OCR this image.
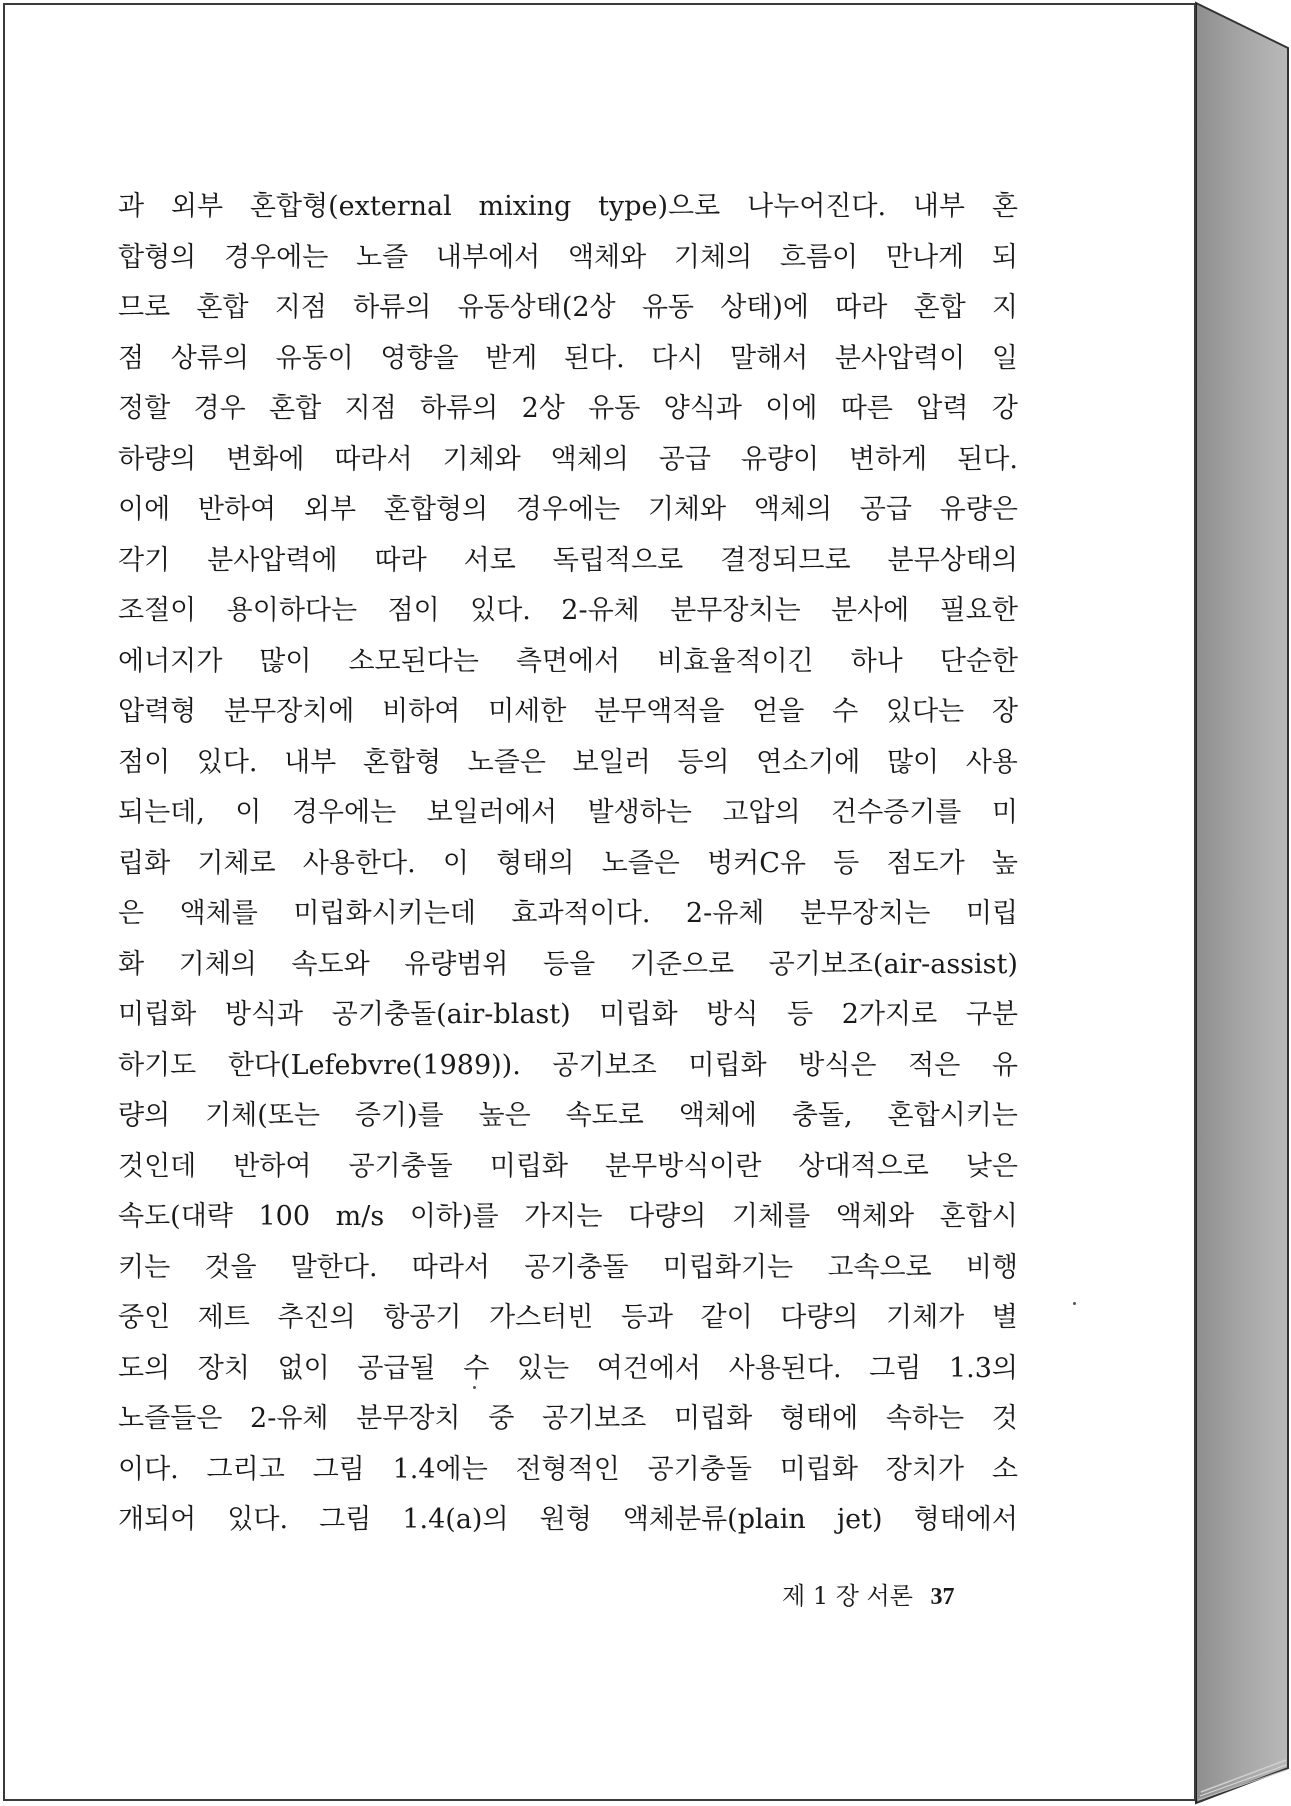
과 외부 혼합형(external mixing type)으로 나누어진다. 내부 혼
합형의 경우에는 노즐 내부에서 액체와 기체의 흐름이 만나게 되
므로 혼합 지점 하류의 유동상태(2상 유동 상태)에 따라 혼합 지
점 상류의 유동이 영향을 받게 된다. 다시 말해서 분사압력이 일
정할 경우 혼합 지점 하류의 2상 유동 양식과 이에 따른 압력 강
하량의 변화에 따라서 기체와 액체의 공급 유량이 변하게 된다.
이에 반하여 외부 혼합형의 경우에는 기체와 액체의 공급 유량은
각기 분사압력에 따라 서로 독립적으로 결정되므로 분무상태의
조절이 용이하다는 점이 있다. 2-유체 분무장치는 분사에 필요한
에너지가 많이 소모된다는 측면에서 비효율적이긴 하나 단순한
압력형 분무장치에 비하여 미세한 분무액적을 얻을 수 있다는 장
점이 있다. 내부 혼합형 노즐은 보일러 등의 연소기에 많이 사용
되는데, 이 경우에는 보일러에서 발생하는 고압의 건수증기를 미
립화 기체로 사용한다. 이 형태의 노즐은 벙커C유 등 점도가 높
은 액체를 미립화시키는데 효과적이다. 2-유체 분무장치는 미립
화 기체의 속도와 유량범위 등을 기준으로 공기보조(air-assist)
미립화 방식과 공기충돌(air-blast) 미립화 방식 등 2가지로 구분
하기도 한다(Lefebvre(1989)). 공기보조 미립화 방식은 적은 유
량의 기체(또는 증기)를 높은 속도로 액체에 충돌, 혼합시키는
것인데 반하여 공기충돌 미립화 분무방식이란 상대적으로 낮은
속도(대략 100 m/s 이하)를 가지는 다량의 기체를 액체와 혼합시
키는 것을 말한다. 따라서 공기충돌 미립화기는 고속으로 비행
중인 제트 추진의 항공기 가스터빈 등과 같이 다량의 기체가 별
도의 장치 없이 공급될 수 있는 여건에서 사용된다. 그림 1.3의
노즐들은 2-유체 분무장치 중 공기보조 미립화 형태에 속하는 것
이다. 그리고 그림 1.4에는 전형적인 공기충돌 미립화 장치가 소
개되어 있다. 그림 1.4(a)의 원형 액체분류(plain jet) 형태에서
제 1 장 서론 37
